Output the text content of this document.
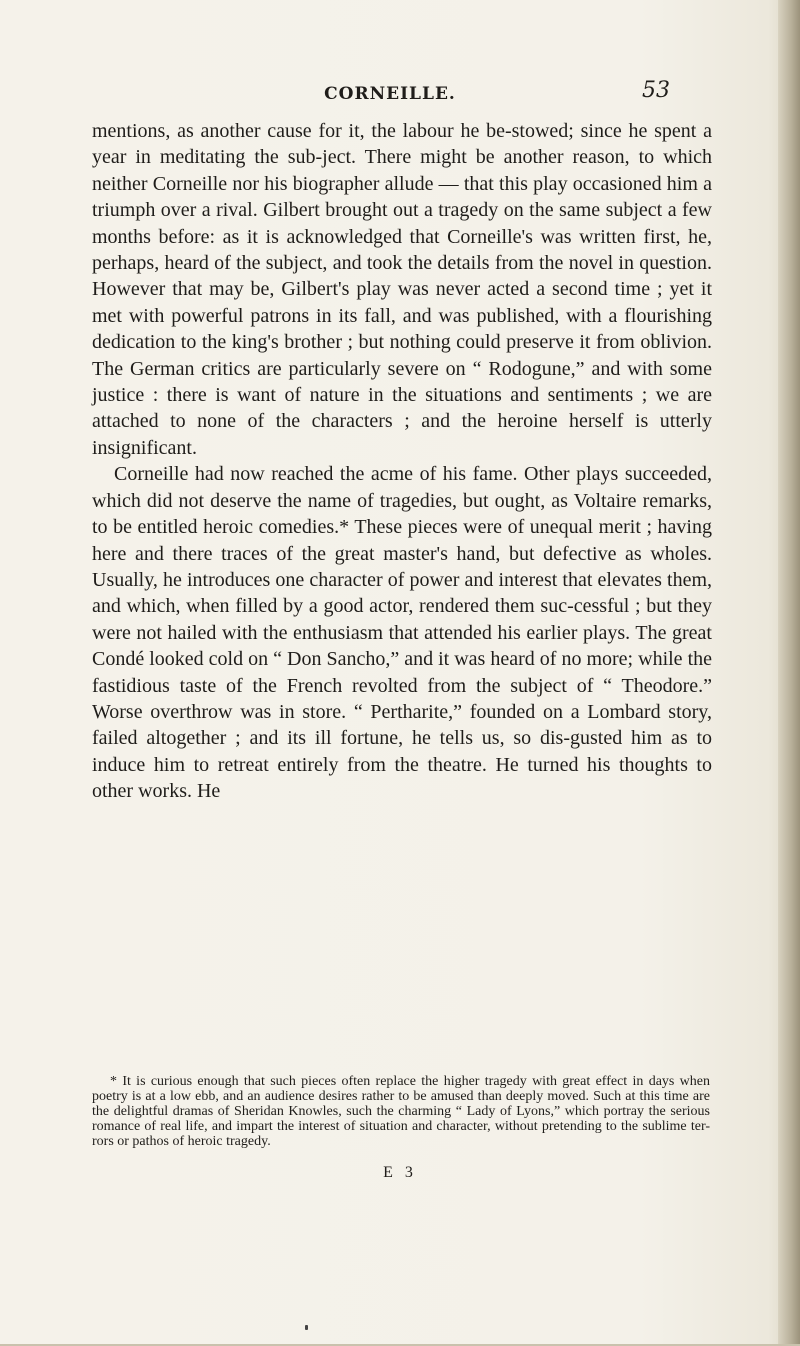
CORNEILLE.	53

mentions, as another cause for it, the labour he be-stowed; since he spent a year in meditating the sub-ject. There might be another reason, to which neither Corneille nor his biographer allude — that this play occasioned him a triumph over a rival. Gilbert brought out a tragedy on the same subject a few months before: as it is acknowledged that Corneille's was written first, he, perhaps, heard of the subject, and took the details from the novel in question. However that may be, Gilbert's play was never acted a second time ; yet it met with powerful patrons in its fall, and was published, with a flourishing dedication to the king's brother ; but nothing could preserve it from oblivion. The German critics are particularly severe on “ Rodogune,” and with some justice : there is want of nature in the situations and sentiments ; we are attached to none of the characters ; and the heroine herself is utterly insignificant.

Corneille had now reached the acme of his fame. Other plays succeeded, which did not deserve the name of tragedies, but ought, as Voltaire remarks, to be entitled heroic comedies.* These pieces were of unequal merit ; having here and there traces of the great master's hand, but defective as wholes. Usually, he introduces one character of power and interest that elevates them, and which, when filled by a good actor, rendered them suc-cessful ; but they were not hailed with the enthusiasm that attended his earlier plays. The great Condé looked cold on “ Don Sancho,” and it was heard of no more; while the fastidious taste of the French revolted from the subject of “ Theodore.” Worse overthrow was in store. “ Pertharite,” founded on a Lombard story, failed altogether ; and its ill fortune, he tells us, so dis-gusted him as to induce him to retreat entirely from the theatre. He turned his thoughts to other works. He

* It is curious enough that such pieces often replace the higher tragedy with great effect in days when poetry is at a low ebb, and an audience desires rather to be amused than deeply moved. Such at this time are the delightful dramas of Sheridan Knowles, such the charming “ Lady of Lyons,” which portray the serious romance of real life, and impart the interest of situation and character, without pretending to the sublime ter-rors or pathos of heroic tragedy.
E 3
